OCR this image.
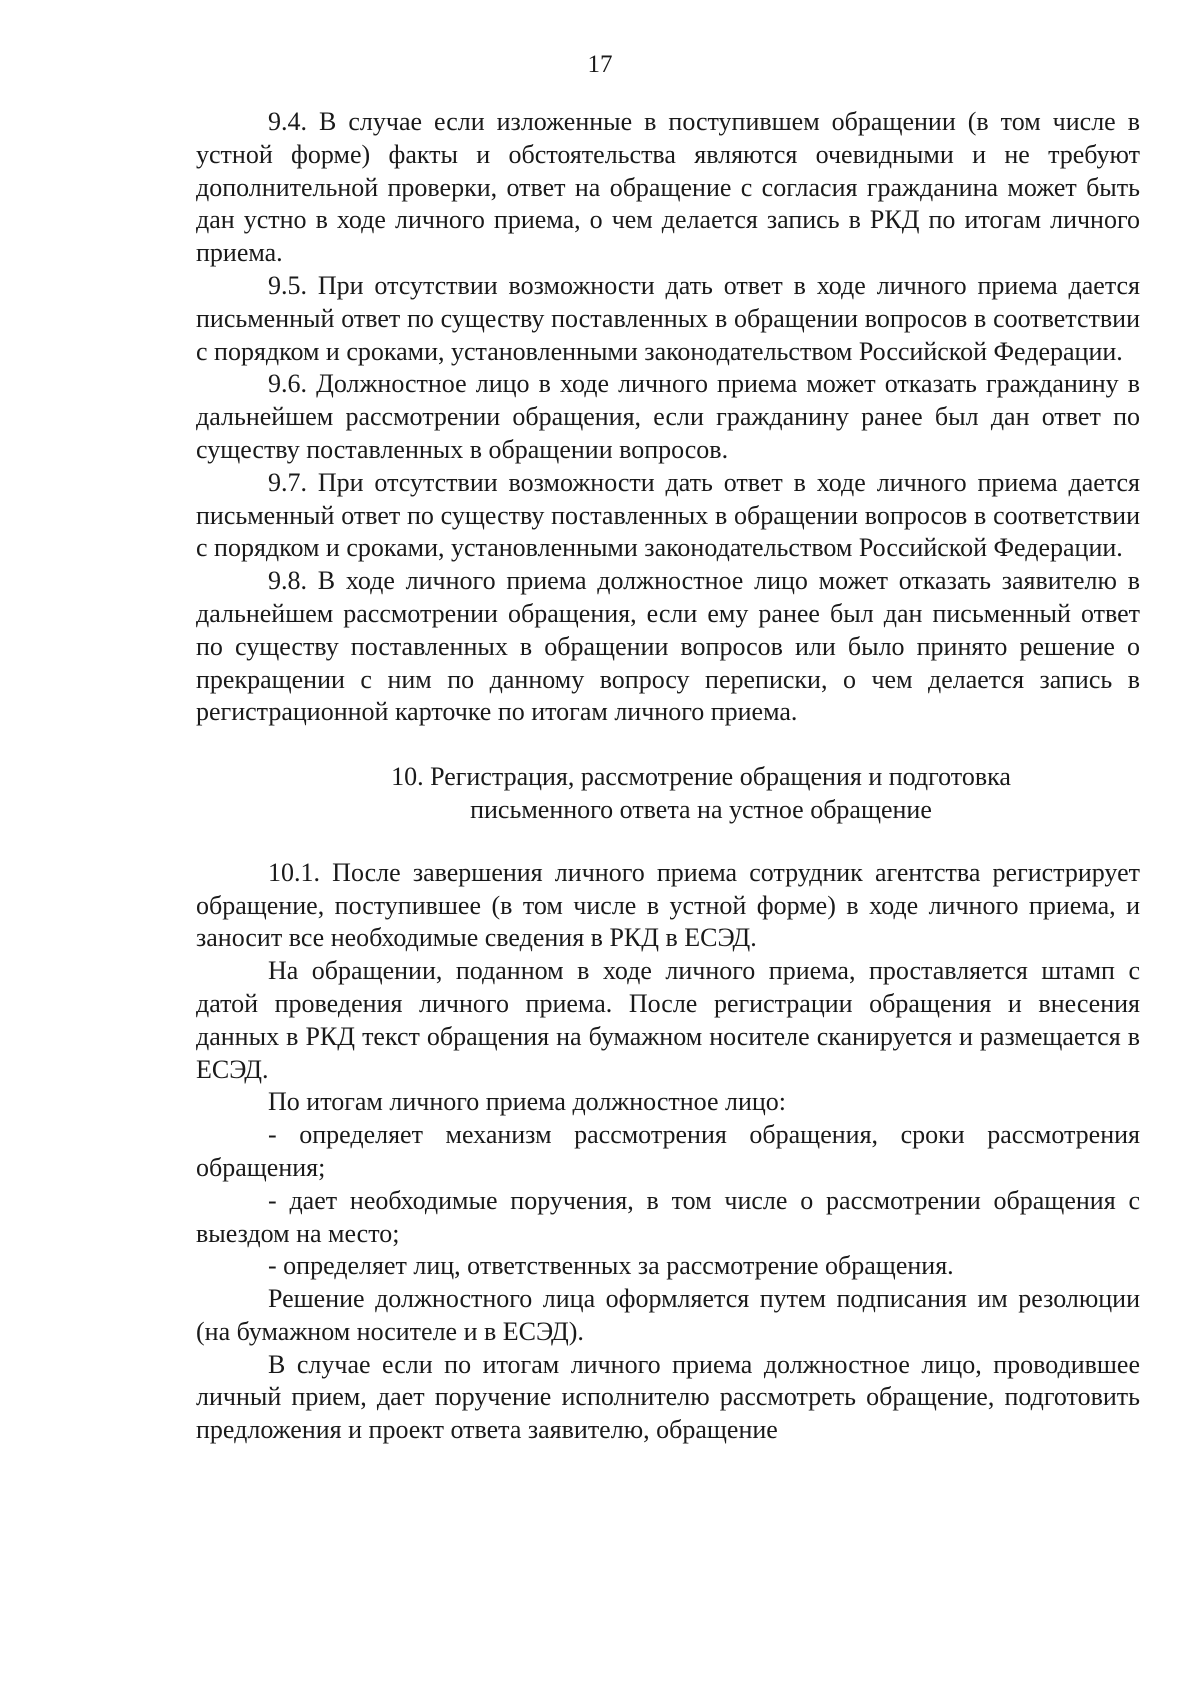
17

9.4. В случае если изложенные в поступившем обращении (в том числе в устной форме) факты и обстоятельства являются очевидными и не требуют дополнительной проверки, ответ на обращение с согласия гражданина может быть дан устно в ходе личного приема, о чем делается запись в РКД по итогам личного приема.

9.5. При отсутствии возможности дать ответ в ходе личного приема дается письменный ответ по существу поставленных в обращении вопросов в соответствии с порядком и сроками, установленными законодательством Российской Федерации.

9.6. Должностное лицо в ходе личного приема может отказать гражданину в дальнейшем рассмотрении обращения, если гражданину ранее был дан ответ по существу поставленных в обращении вопросов.

9.7. При отсутствии возможности дать ответ в ходе личного приема дается письменный ответ по существу поставленных в обращении вопросов в соответствии с порядком и сроками, установленными законодательством Российской Федерации.

9.8. В ходе личного приема должностное лицо может отказать заявителю в дальнейшем рассмотрении обращения, если ему ранее был дан письменный ответ по существу поставленных в обращении вопросов или было принято решение о прекращении с ним по данному вопросу переписки, о чем делается запись в регистрационной карточке по итогам личного приема.

10. Регистрация, рассмотрение обращения и подготовка
письменного ответа на устное обращение

10.1. После завершения личного приема сотрудник агентства регистрирует обращение, поступившее (в том числе в устной форме) в ходе личного приема, и заносит все необходимые сведения в РКД в ЕСЭД.

На обращении, поданном в ходе личного приема, проставляется штамп с датой проведения личного приема. После регистрации обращения и внесения данных в РКД текст обращения на бумажном носителе сканируется и размещается в ЕСЭД.

По итогам личного приема должностное лицо:

- определяет механизм рассмотрения обращения, сроки рассмотрения обращения;

- дает необходимые поручения, в том числе о рассмотрении обращения с выездом на место;

- определяет лиц, ответственных за рассмотрение обращения.

Решение должностного лица оформляется путем подписания им резолюции (на бумажном носителе и в ЕСЭД).

В случае если по итогам личного приема должностное лицо, проводившее личный прием, дает поручение исполнителю рассмотреть обращение, подготовить предложения и проект ответа заявителю, обращение
